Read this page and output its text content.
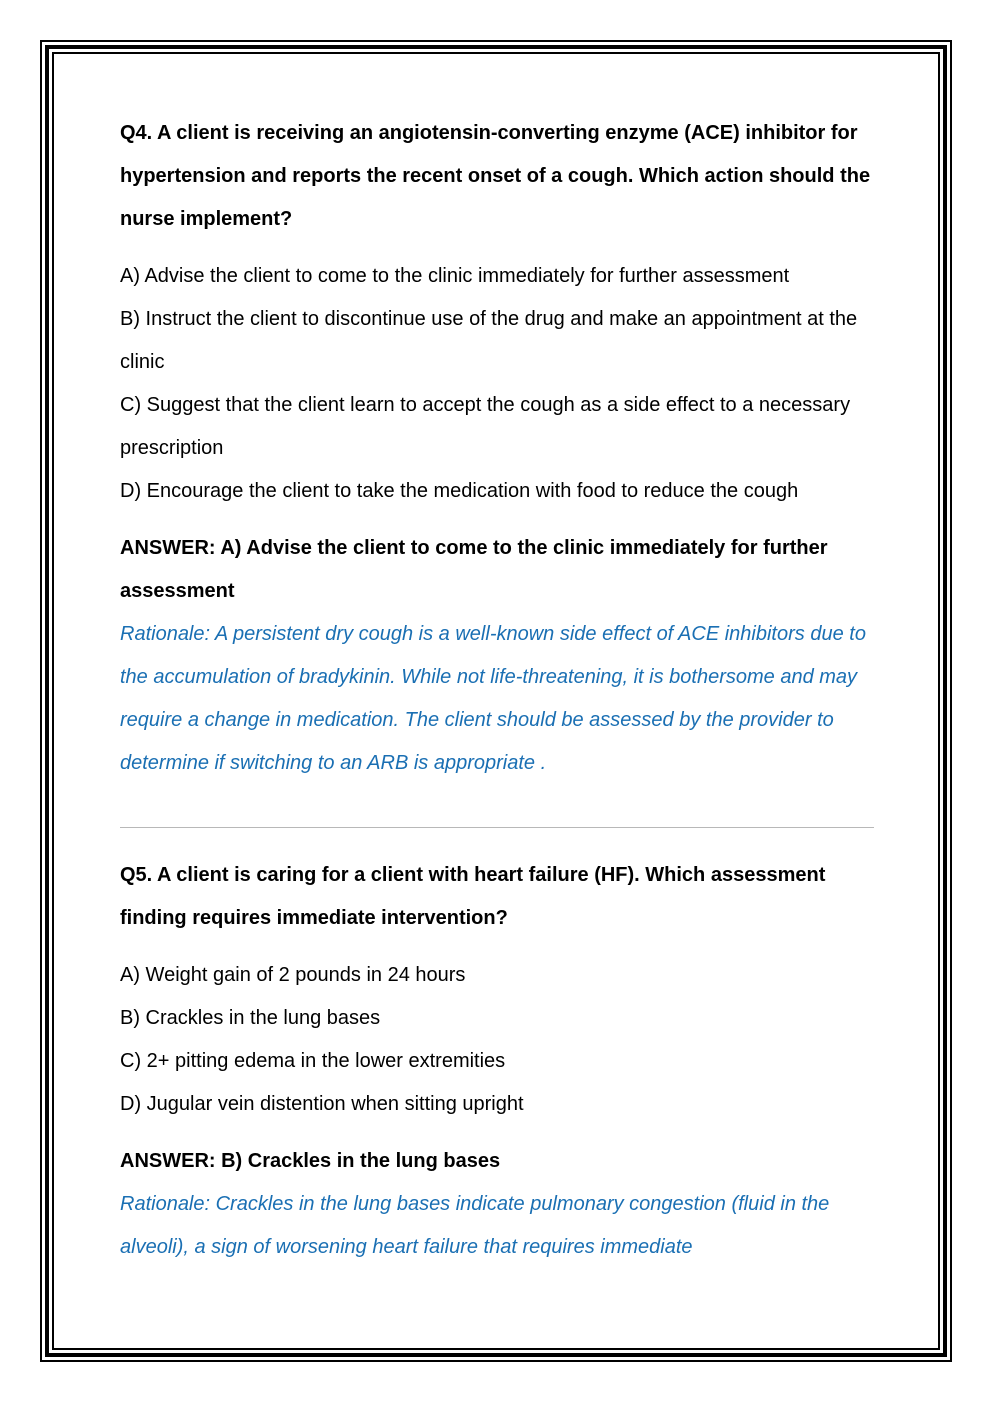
Q4. A client is receiving an angiotensin-converting enzyme (ACE) inhibitor for hypertension and reports the recent onset of a cough. Which action should the nurse implement?

A) Advise the client to come to the clinic immediately for further assessment

B) Instruct the client to discontinue use of the drug and make an appointment at the clinic

C) Suggest that the client learn to accept the cough as a side effect to a necessary prescription

D) Encourage the client to take the medication with food to reduce the cough

ANSWER: A) Advise the client to come to the clinic immediately for further assessment

Rationale: A persistent dry cough is a well-known side effect of ACE inhibitors due to the accumulation of bradykinin. While not life-threatening, it is bothersome and may require a change in medication. The client should be assessed by the provider to determine if switching to an ARB is appropriate .

Q5. A client is caring for a client with heart failure (HF). Which assessment finding requires immediate intervention?

A) Weight gain of 2 pounds in 24 hours

B) Crackles in the lung bases

C) 2+ pitting edema in the lower extremities

D) Jugular vein distention when sitting upright

ANSWER: B) Crackles in the lung bases

Rationale: Crackles in the lung bases indicate pulmonary congestion (fluid in the alveoli), a sign of worsening heart failure that requires immediate
